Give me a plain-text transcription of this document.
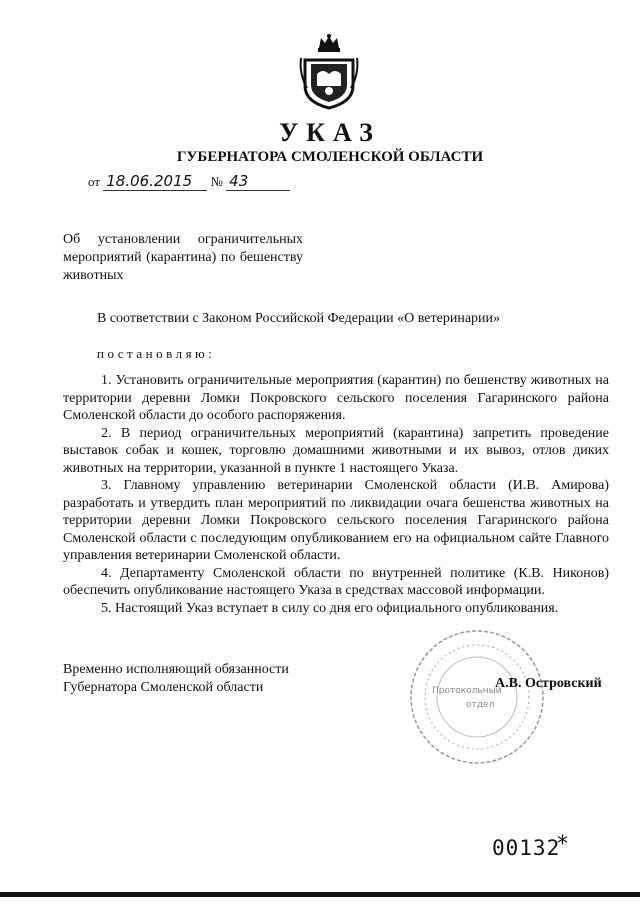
УКАЗ
ГУБЕРНАТОРА СМОЛЕНСКОЙ ОБЛАСТИ
от 18.06.2015 № 43
Об установлении ограничительных мероприятий (карантина) по бешенству животных
В соответствии с Законом Российской Федерации «О ветеринарии»
постановляю:

1. Установить ограничительные мероприятия (карантин) по бешенству животных на территории деревни Ломки Покровского сельского поселения Гагаринского района Смоленской области до особого распоряжения.

2. В период ограничительных мероприятий (карантина) запретить проведение выставок собак и кошек, торговлю домашними животными и их вывоз, отлов диких животных на территории, указанной в пункте 1 настоящего Указа.

3. Главному управлению ветеринарии Смоленской области (И.В. Амирова) разработать и утвердить план мероприятий по ликвидации очага бешенства животных на территории деревни Ломки Покровского сельского поселения Гагаринского района Смоленской области с последующим опубликованием его на официальном сайте Главного управления ветеринарии Смоленской области.

4. Департаменту Смоленской области по внутренней политике (К.В. Никонов) обеспечить опубликование настоящего Указа в средствах массовой информации.

5. Настоящий Указ вступает в силу со дня его официального опубликования.

Временно исполняющий обязанности
Губернатора Смоленской области	Протокольный
отдел
А.В. Островский
00132
*
